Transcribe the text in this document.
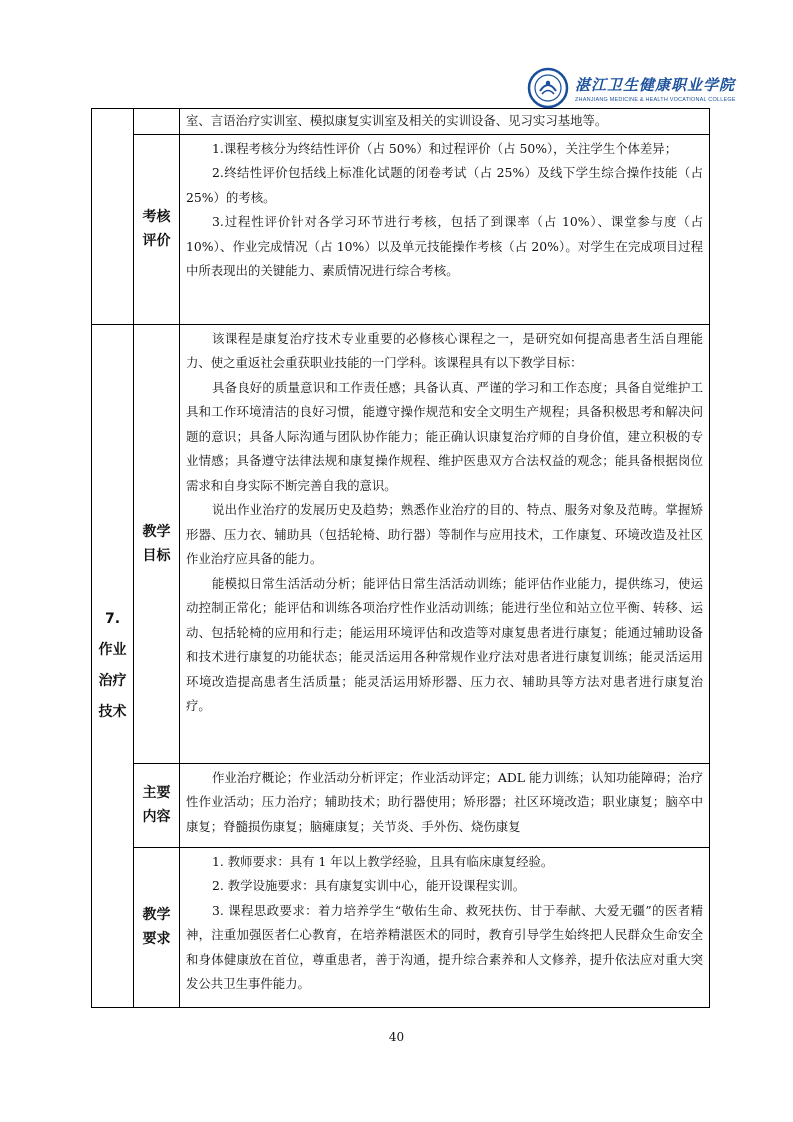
湛江卫生健康职业学院
ZHANJIANG MEDICINE & HEALTH VOCATIONAL COLLEGE

		室、言语治疗实训室、模拟康复实训室及相关的实训设备、见习实习基地等。

	考核评价	1.课程考核分为终结性评价（占 50%）和过程评价（占 50%），关注学生个体差异；

2.终结性评价包括线上标准化试题的闭卷考试（占 25%）及线下学生综合操作技能（占 25%）的考核。

3.过程性评价针对各学习环节进行考核，包括了到课率（占 10%）、课堂参与度（占 10%）、作业完成情况（占 10%）以及单元技能操作考核（占 20%）。对学生在完成项目过程中所表现出的关键能力、素质情况进行综合考核。

7.作业治疗技术	教学目标	该课程是康复治疗技术专业重要的必修核心课程之一，是研究如何提高患者生活自理能力、使之重返社会重获职业技能的一门学科。该课程具有以下教学目标：

具备良好的质量意识和工作责任感；具备认真、严谨的学习和工作态度；具备自觉维护工具和工作环境清洁的良好习惯，能遵守操作规范和安全文明生产规程；具备积极思考和解决问题的意识；具备人际沟通与团队协作能力；能正确认识康复治疗师的自身价值，建立积极的专业情感；具备遵守法律法规和康复操作规程、维护医患双方合法权益的观念；能具备根据岗位需求和自身实际不断完善自我的意识。

说出作业治疗的发展历史及趋势；熟悉作业治疗的目的、特点、服务对象及范畴。掌握矫形器、压力衣、辅助具（包括轮椅、助行器）等制作与应用技术，工作康复、环境改造及社区作业治疗应具备的能力。

能模拟日常生活活动分析；能评估日常生活活动训练；能评估作业能力，提供练习，使运动控制正常化；能评估和训练各项治疗性作业活动训练；能进行坐位和站立位平衡、转移、运动、包括轮椅的应用和行走；能运用环境评估和改造等对康复患者进行康复；能通过辅助设备和技术进行康复的功能状态；能灵活运用各种常规作业疗法对患者进行康复训练；能灵活运用环境改造提高患者生活质量；能灵活运用矫形器、压力衣、辅助具等方法对患者进行康复治疗。

	主要内容	作业治疗概论；作业活动分析评定；作业活动评定；ADL 能力训练；认知功能障碍；治疗性作业活动；压力治疗；辅助技术；助行器使用；矫形器；社区环境改造；职业康复；脑卒中康复；脊髓损伤康复；脑瘫康复；关节炎、手外伤、烧伤康复

	教学要求	1. 教师要求：具有 1 年以上教学经验，且具有临床康复经验。

2. 教学设施要求：具有康复实训中心，能开设课程实训。

3. 课程思政要求：着力培养学生“敬佑生命、救死扶伤、甘于奉献、大爱无疆”的医者精神，注重加强医者仁心教育，在培养精湛医术的同时，教育引导学生始终把人民群众生命安全和身体健康放在首位，尊重患者，善于沟通，提升综合素养和人文修养，提升依法应对重大突发公共卫生事件能力。

40
